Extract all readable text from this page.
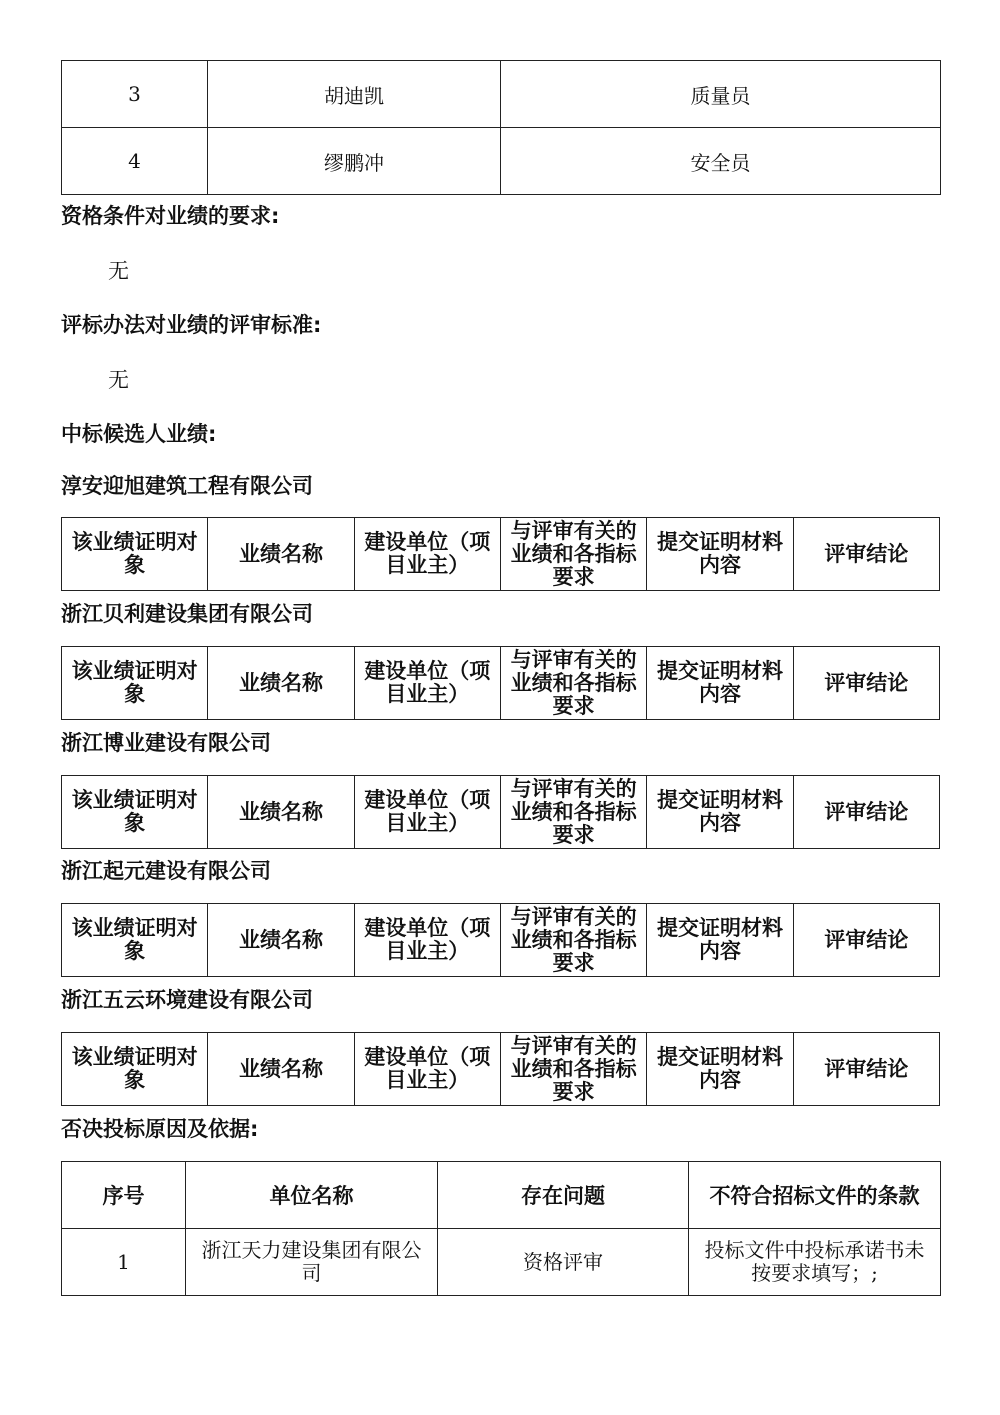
3	胡迪凯	质量员
4	缪鹏冲	安全员
资格条件对业绩的要求:
无
评标办法对业绩的评审标准:
无
中标候选人业绩:
淳安迎旭建筑工程有限公司
该业绩证明对象	业绩名称	建设单位（项目业主）	与评审有关的业绩和各指标要求	提交证明材料内容	评审结论
浙江贝利建设集团有限公司
该业绩证明对象	业绩名称	建设单位（项目业主）	与评审有关的业绩和各指标要求	提交证明材料内容	评审结论
浙江博业建设有限公司
该业绩证明对象	业绩名称	建设单位（项目业主）	与评审有关的业绩和各指标要求	提交证明材料内容	评审结论
浙江起元建设有限公司
该业绩证明对象	业绩名称	建设单位（项目业主）	与评审有关的业绩和各指标要求	提交证明材料内容	评审结论
浙江五云环境建设有限公司
该业绩证明对象	业绩名称	建设单位（项目业主）	与评审有关的业绩和各指标要求	提交证明材料内容	评审结论
否决投标原因及依据:
序号	单位名称	存在问题	不符合招标文件的条款
1	浙江天力建设集团有限公司	资格评审	投标文件中投标承诺书未按要求填写；;
